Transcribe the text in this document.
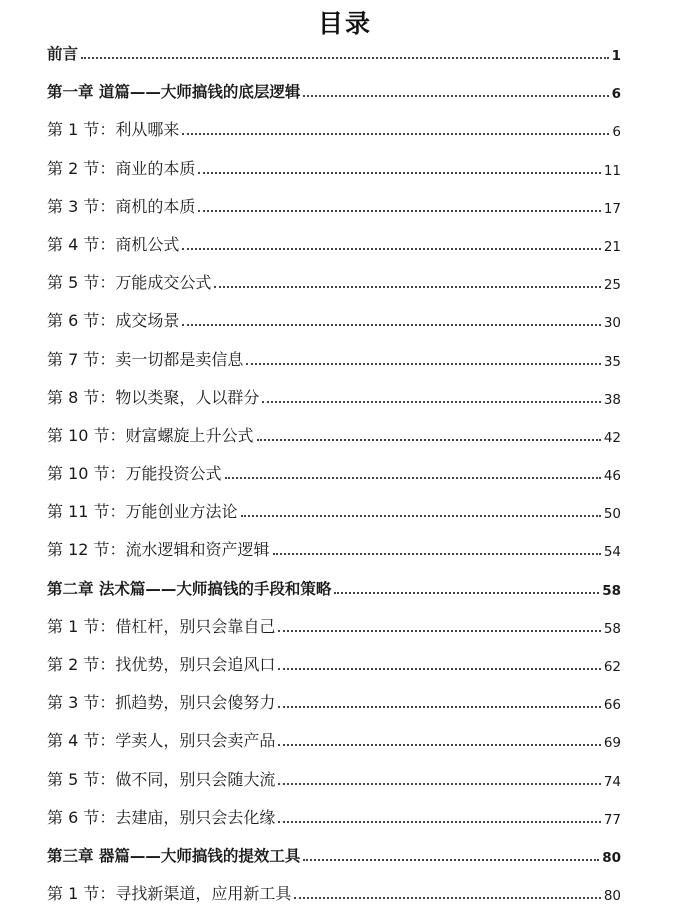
目录
前言	1
第一章 道篇——大师搞钱的底层逻辑	6
第 1 节：利从哪来	6
第 2 节：商业的本质	11
第 3 节：商机的本质	17
第 4 节：商机公式	21
第 5 节：万能成交公式	25
第 6 节：成交场景	30
第 7 节：卖一切都是卖信息	35
第 8 节：物以类聚，人以群分	38
第 10 节：财富螺旋上升公式	42
第 10 节：万能投资公式	46
第 11 节：万能创业方法论	50
第 12 节：流水逻辑和资产逻辑	54
第二章 法术篇——大师搞钱的手段和策略	58
第 1 节：借杠杆，别只会靠自己	58
第 2 节：找优势，别只会追风口	62
第 3 节：抓趋势，别只会傻努力	66
第 4 节：学卖人，别只会卖产品	69
第 5 节：做不同，别只会随大流	74
第 6 节：去建庙，别只会去化缘	77
第三章 器篇——大师搞钱的提效工具	80
第 1 节：寻找新渠道，应用新工具	80
